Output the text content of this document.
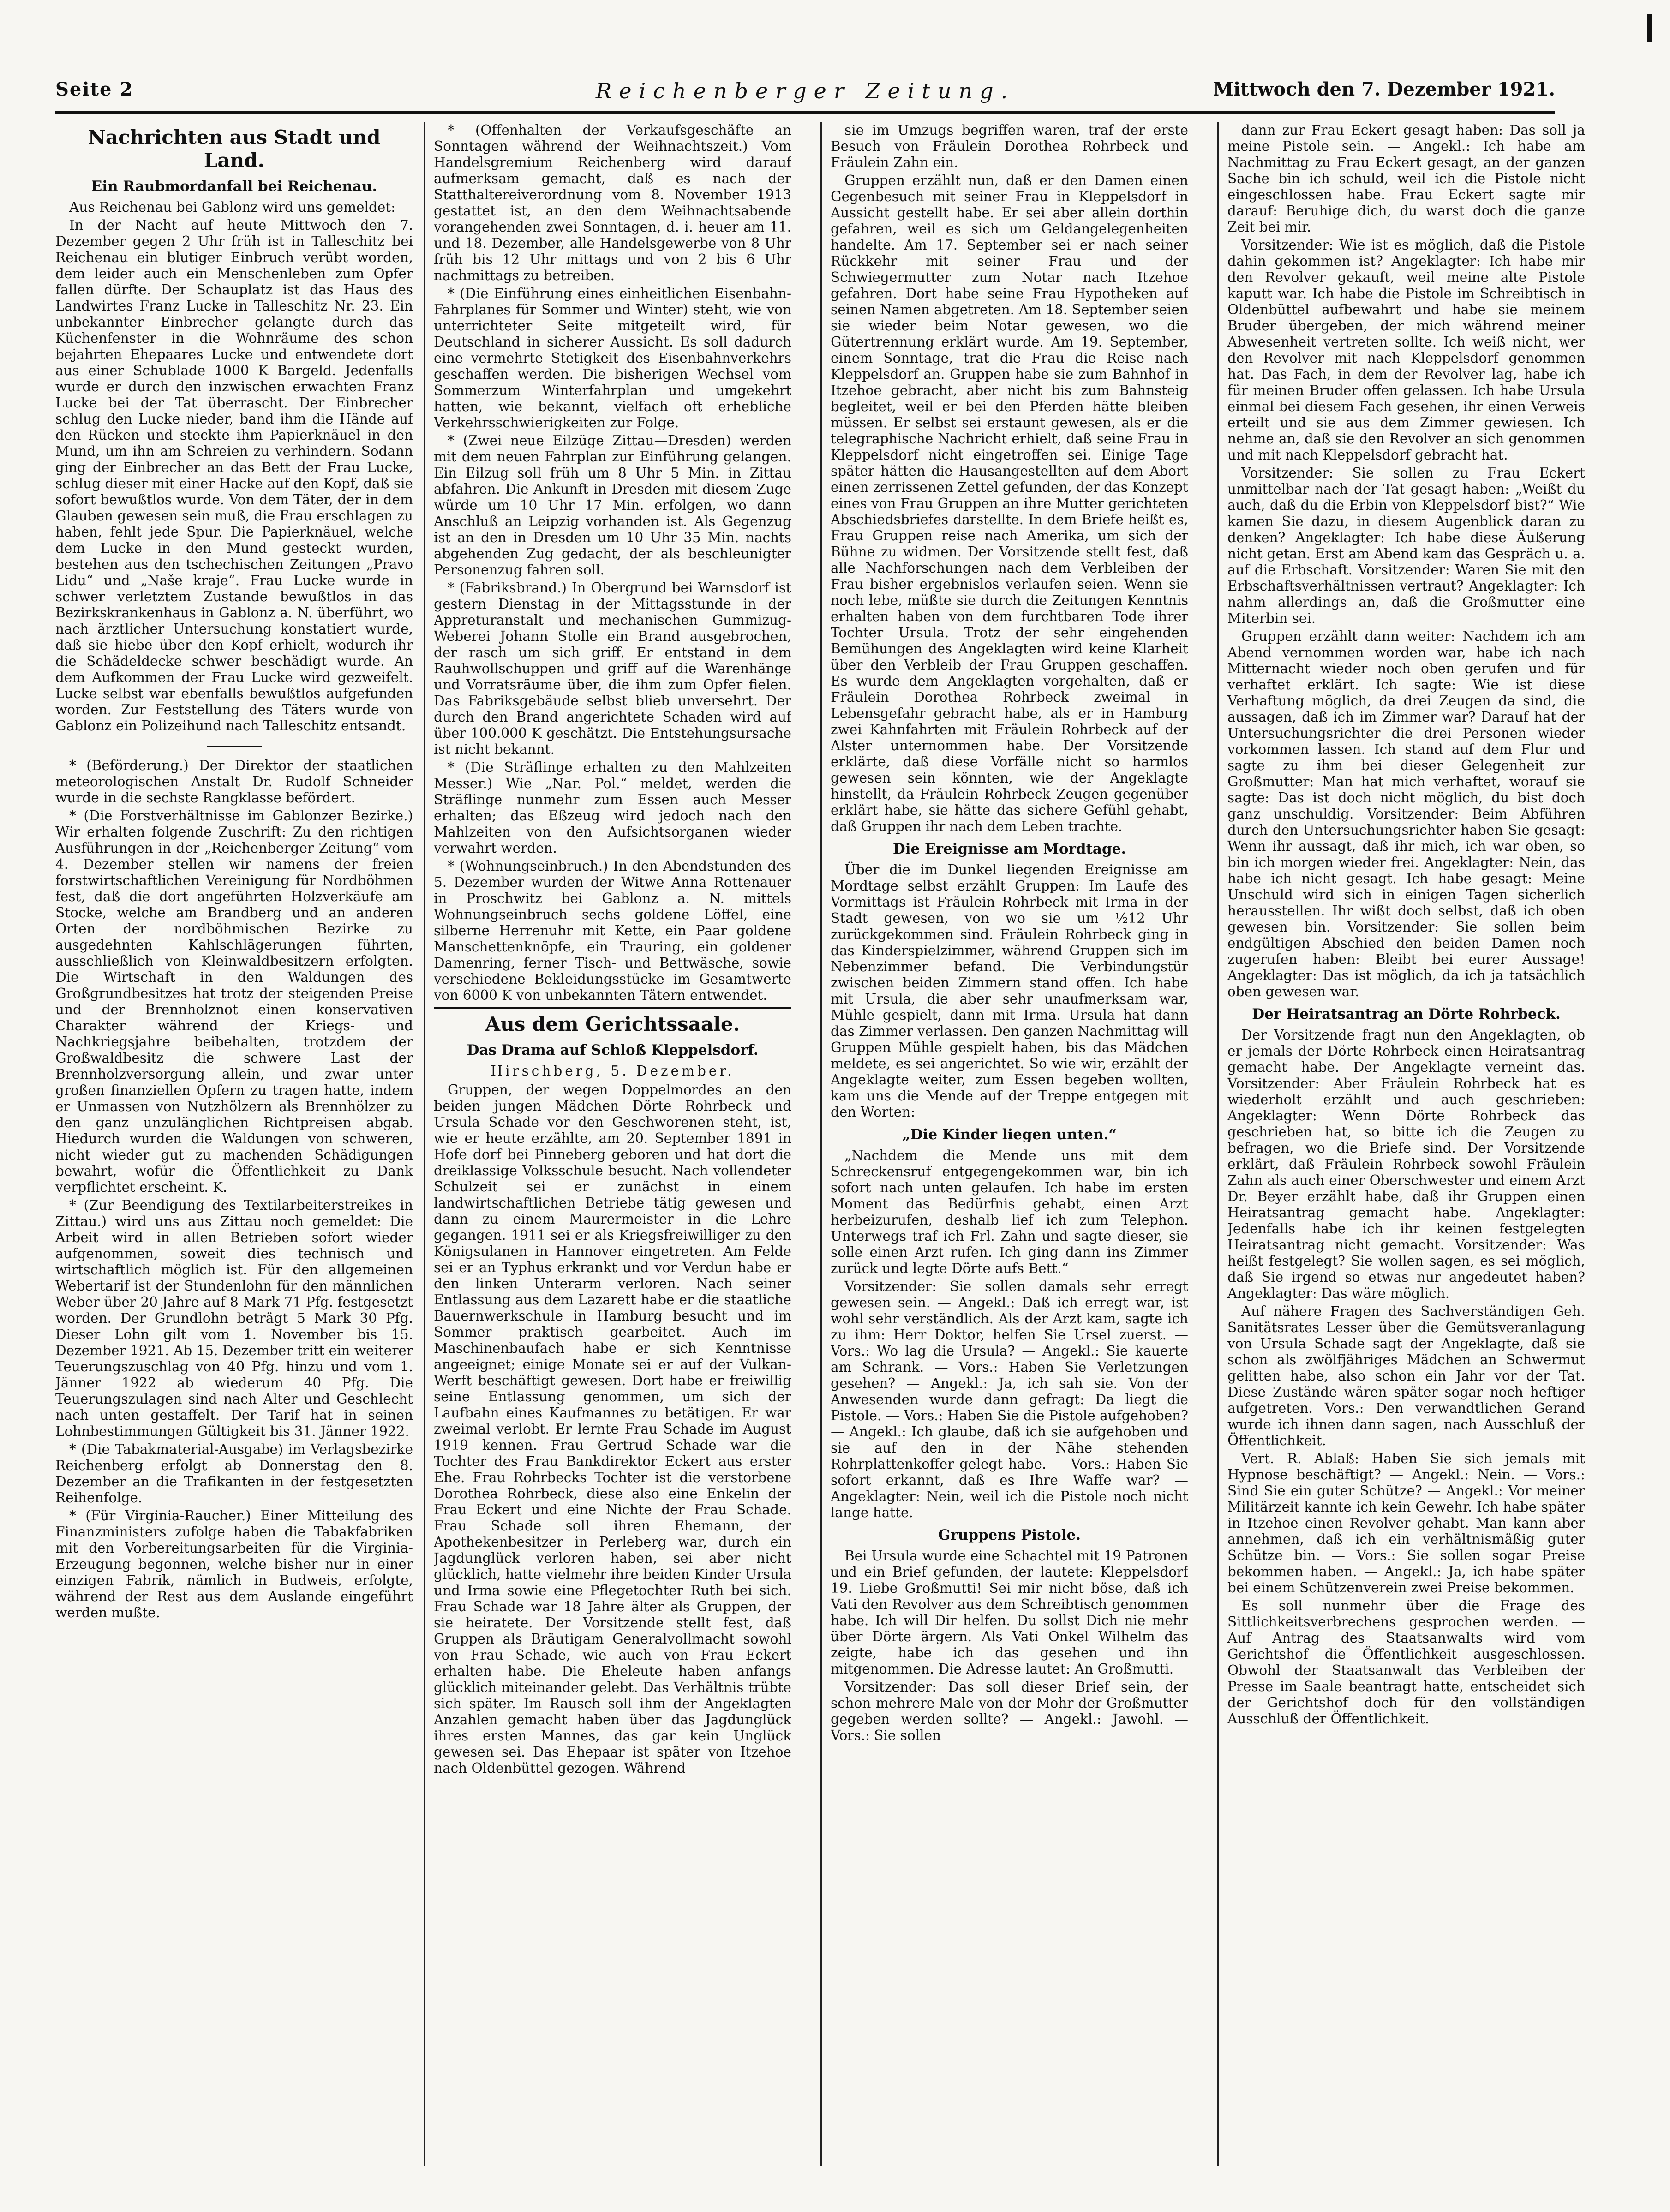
Seite 2	Reichenberger Zeitung.	Mittwoch den 7. Dezember 1921.
Nachrichten aus Stadt und Land.
Ein Raubmordanfall bei Reichenau.

Aus Reichenau bei Gablonz wird uns gemeldet:

In der Nacht auf heute Mittwoch den 7. Dezember gegen 2 Uhr früh ist in Talleschitz bei Reichenau ein blutiger Einbruch verübt worden, dem leider auch ein Menschenleben zum Opfer fallen dürfte. Der Schauplatz ist das Haus des Landwirtes Franz Lucke in Talleschitz Nr. 23. Ein unbekannter Einbrecher gelangte durch das Küchenfenster in die Wohnräume des schon bejahrten Ehepaares Lucke und entwendete dort aus einer Schublade 1000 K Bargeld. Jedenfalls wurde er durch den inzwischen erwachten Franz Lucke bei der Tat überrascht. Der Einbrecher schlug den Lucke nieder, band ihm die Hände auf den Rücken und steckte ihm Papierknäuel in den Mund, um ihn am Schreien zu verhindern. Sodann ging der Einbrecher an das Bett der Frau Lucke, schlug dieser mit einer Hacke auf den Kopf, daß sie sofort bewußtlos wurde. Von dem Täter, der in dem Glauben gewesen sein muß, die Frau erschlagen zu haben, fehlt jede Spur. Die Papierknäuel, welche dem Lucke in den Mund gesteckt wurden, bestehen aus den tschechischen Zeitungen „Pravo Lidu“ und „Naše kraje“. Frau Lucke wurde in schwer verletztem Zustande bewußtlos in das Bezirkskrankenhaus in Gablonz a. N. überführt, wo nach ärztlicher Untersuchung konstatiert wurde, daß sie hiebe über den Kopf erhielt, wodurch ihr die Schädeldecke schwer beschädigt wurde. An dem Aufkommen der Frau Lucke wird gezweifelt. Lucke selbst war ebenfalls bewußtlos aufgefunden worden. Zur Feststellung des Täters wurde von Gablonz ein Polizeihund nach Talleschitz entsandt.

* (Beförderung.) Der Direktor der staatlichen meteorologischen Anstalt Dr. Rudolf Schneider wurde in die sechste Rangklasse befördert.

* (Die Forstverhältnisse im Gablonzer Bezirke.) Wir erhalten folgende Zuschrift: Zu den richtigen Ausführungen in der „Reichenberger Zeitung“ vom 4. Dezember stellen wir namens der freien forstwirtschaftlichen Vereinigung für Nordböhmen fest, daß die dort angeführten Holzverkäufe am Stocke, welche am Brandberg und an anderen Orten der nordböhmischen Bezirke zu ausgedehnten Kahlschlägerungen führten, ausschließlich von Kleinwaldbesitzern erfolgten. Die Wirtschaft in den Waldungen des Großgrundbesitzes hat trotz der steigenden Preise und der Brennholznot einen konservativen Charakter während der Kriegs- und Nachkriegsjahre beibehalten, trotzdem der Großwaldbesitz die schwere Last der Brennholzversorgung allein, und zwar unter großen finanziellen Opfern zu tragen hatte, indem er Unmassen von Nutzhölzern als Brennhölzer zu den ganz unzulänglichen Richtpreisen abgab. Hiedurch wurden die Waldungen von schweren, nicht wieder gut zu machenden Schädigungen bewahrt, wofür die Öffentlichkeit zu Dank verpflichtet erscheint. K.

* (Zur Beendigung des Textilarbeiterstreikes in Zittau.) wird uns aus Zittau noch gemeldet: Die Arbeit wird in allen Betrieben sofort wieder aufgenommen, soweit dies technisch und wirtschaftlich möglich ist. Für den allgemeinen Webertarif ist der Stundenlohn für den männlichen Weber über 20 Jahre auf 8 Mark 71 Pfg. festgesetzt worden. Der Grundlohn beträgt 5 Mark 30 Pfg. Dieser Lohn gilt vom 1. November bis 15. Dezember 1921. Ab 15. Dezember tritt ein weiterer Teuerungszuschlag von 40 Pfg. hinzu und vom 1. Jänner 1922 ab wiederum 40 Pfg. Die Teuerungszulagen sind nach Alter und Geschlecht nach unten gestaffelt. Der Tarif hat in seinen Lohnbestimmungen Gültigkeit bis 31. Jänner 1922.

* (Die Tabakmaterial-Ausgabe) im Verlagsbezirke Reichenberg erfolgt ab Donnerstag den 8. Dezember an die Trafikanten in der festgesetzten Reihenfolge.

* (Für Virginia-Raucher.) Einer Mitteilung des Finanzministers zufolge haben die Tabakfabriken mit den Vorbereitungsarbeiten für die Virginia-Erzeugung begonnen, welche bisher nur in einer einzigen Fabrik, nämlich in Budweis, erfolgte, während der Rest aus dem Auslande eingeführt werden mußte.

* (Offenhalten der Verkaufsgeschäfte an Sonntagen während der Weihnachtszeit.) Vom Handelsgremium Reichenberg wird darauf aufmerksam gemacht, daß es nach der Statthaltereiverordnung vom 8. November 1913 gestattet ist, an den dem Weihnachtsabende vorangehenden zwei Sonntagen, d. i. heuer am 11. und 18. Dezember, alle Handelsgewerbe von 8 Uhr früh bis 12 Uhr mittags und von 2 bis 6 Uhr nachmittags zu betreiben.

* (Die Einführung eines einheitlichen Eisenbahn-Fahrplanes für Sommer und Winter) steht, wie von unterrichteter Seite mitgeteilt wird, für Deutschland in sicherer Aussicht. Es soll dadurch eine vermehrte Stetigkeit des Eisenbahnverkehrs geschaffen werden. Die bisherigen Wechsel vom Sommerzum Winterfahrplan und umgekehrt hatten, wie bekannt, vielfach oft erhebliche Verkehrsschwierigkeiten zur Folge.

* (Zwei neue Eilzüge Zittau—Dresden) werden mit dem neuen Fahrplan zur Einführung gelangen. Ein Eilzug soll früh um 8 Uhr 5 Min. in Zittau abfahren. Die Ankunft in Dresden mit diesem Zuge würde um 10 Uhr 17 Min. erfolgen, wo dann Anschluß an Leipzig vorhanden ist. Als Gegenzug ist an den in Dresden um 10 Uhr 35 Min. nachts abgehenden Zug gedacht, der als beschleunigter Personenzug fahren soll.

* (Fabriksbrand.) In Obergrund bei Warnsdorf ist gestern Dienstag in der Mittagsstunde in der Appreturanstalt und mechanischen Gummizug-Weberei Johann Stolle ein Brand ausgebrochen, der rasch um sich griff. Er entstand in dem Rauhwollschuppen und griff auf die Warenhänge und Vorratsräume über, die ihm zum Opfer fielen. Das Fabriksgebäude selbst blieb unversehrt. Der durch den Brand angerichtete Schaden wird auf über 100.000 K geschätzt. Die Entstehungsursache ist nicht bekannt.

* (Die Sträflinge erhalten zu den Mahlzeiten Messer.) Wie „Nar. Pol.“ meldet, werden die Sträflinge nunmehr zum Essen auch Messer erhalten; das Eßzeug wird jedoch nach den Mahlzeiten von den Aufsichtsorganen wieder verwahrt werden.

* (Wohnungseinbruch.) In den Abendstunden des 5. Dezember wurden der Witwe Anna Rottenauer in Proschwitz bei Gablonz a. N. mittels Wohnungseinbruch sechs goldene Löffel, eine silberne Herrenuhr mit Kette, ein Paar goldene Manschettenknöpfe, ein Trauring, ein goldener Damenring, ferner Tisch- und Bettwäsche, sowie verschiedene Bekleidungsstücke im Gesamtwerte von 6000 K von unbekannten Tätern entwendet.

Aus dem Gerichtssaale.
Das Drama auf Schloß Kleppelsdorf.
Hirschberg, 5. Dezember.

Gruppen, der wegen Doppelmordes an den beiden jungen Mädchen Dörte Rohrbeck und Ursula Schade vor den Geschworenen steht, ist, wie er heute erzählte, am 20. September 1891 in Hofe dorf bei Pinneberg geboren und hat dort die dreiklassige Volksschule besucht. Nach vollendeter Schulzeit sei er zunächst in einem landwirtschaftlichen Betriebe tätig gewesen und dann zu einem Maurermeister in die Lehre gegangen. 1911 sei er als Kriegsfreiwilliger zu den Königsulanen in Hannover eingetreten. Am Felde sei er an Typhus erkrankt und vor Verdun habe er den linken Unterarm verloren. Nach seiner Entlassung aus dem Lazarett habe er die staatliche Bauernwerkschule in Hamburg besucht und im Sommer praktisch gearbeitet. Auch im Maschinenbaufach habe er sich Kenntnisse angeeignet; einige Monate sei er auf der Vulkan-Werft beschäftigt gewesen. Dort habe er freiwillig seine Entlassung genommen, um sich der Laufbahn eines Kaufmannes zu betätigen. Er war zweimal verlobt. Er lernte Frau Schade im August 1919 kennen. Frau Gertrud Schade war die Tochter des Frau Bankdirektor Eckert aus erster Ehe. Frau Rohrbecks Tochter ist die verstorbene Dorothea Rohrbeck, diese also eine Enkelin der Frau Eckert und eine Nichte der Frau Schade. Frau Schade soll ihren Ehemann, der Apothekenbesitzer in Perleberg war, durch ein Jagdunglück verloren haben, sei aber nicht glücklich, hatte vielmehr ihre beiden Kinder Ursula und Irma sowie eine Pflegetochter Ruth bei sich. Frau Schade war 18 Jahre älter als Gruppen, der sie heiratete. Der Vorsitzende stellt fest, daß Gruppen als Bräutigam Generalvollmacht sowohl von Frau Schade, wie auch von Frau Eckert erhalten habe. Die Eheleute haben anfangs glücklich miteinander gelebt. Das Verhältnis trübte sich später. Im Rausch soll ihm der Angeklagten Anzahlen gemacht haben über das Jagdunglück ihres ersten Mannes, das gar kein Unglück gewesen sei. Das Ehepaar ist später von Itzehoe nach Oldenbüttel gezogen. Während

sie im Umzugs begriffen waren, traf der erste Besuch von Fräulein Dorothea Rohrbeck und Fräulein Zahn ein.

Gruppen erzählt nun, daß er den Damen einen Gegenbesuch mit seiner Frau in Kleppelsdorf in Aussicht gestellt habe. Er sei aber allein dorthin gefahren, weil es sich um Geldangelegenheiten handelte. Am 17. September sei er nach seiner Rückkehr mit seiner Frau und der Schwiegermutter zum Notar nach Itzehoe gefahren. Dort habe seine Frau Hypotheken auf seinen Namen abgetreten. Am 18. September seien sie wieder beim Notar gewesen, wo die Gütertrennung erklärt wurde. Am 19. September, einem Sonntage, trat die Frau die Reise nach Kleppelsdorf an. Gruppen habe sie zum Bahnhof in Itzehoe gebracht, aber nicht bis zum Bahnsteig begleitet, weil er bei den Pferden hätte bleiben müssen. Er selbst sei erstaunt gewesen, als er die telegraphische Nachricht erhielt, daß seine Frau in Kleppelsdorf nicht eingetroffen sei. Einige Tage später hätten die Hausangestellten auf dem Abort einen zerrissenen Zettel gefunden, der das Konzept eines von Frau Gruppen an ihre Mutter gerichteten Abschiedsbriefes darstellte. In dem Briefe heißt es, Frau Gruppen reise nach Amerika, um sich der Bühne zu widmen. Der Vorsitzende stellt fest, daß alle Nachforschungen nach dem Verbleiben der Frau bisher ergebnislos verlaufen seien. Wenn sie noch lebe, müßte sie durch die Zeitungen Kenntnis erhalten haben von dem furchtbaren Tode ihrer Tochter Ursula. Trotz der sehr eingehenden Bemühungen des Angeklagten wird keine Klarheit über den Verbleib der Frau Gruppen geschaffen. Es wurde dem Angeklagten vorgehalten, daß er Fräulein Dorothea Rohrbeck zweimal in Lebensgefahr gebracht habe, als er in Hamburg zwei Kahnfahrten mit Fräulein Rohrbeck auf der Alster unternommen habe. Der Vorsitzende erklärte, daß diese Vorfälle nicht so harmlos gewesen sein könnten, wie der Angeklagte hinstellt, da Fräulein Rohrbeck Zeugen gegenüber erklärt habe, sie hätte das sichere Gefühl gehabt, daß Gruppen ihr nach dem Leben trachte.

Die Ereignisse am Mordtage.

Über die im Dunkel liegenden Ereignisse am Mordtage selbst erzählt Gruppen: Im Laufe des Vormittags ist Fräulein Rohrbeck mit Irma in der Stadt gewesen, von wo sie um ½12 Uhr zurückgekommen sind. Fräulein Rohrbeck ging in das Kinderspielzimmer, während Gruppen sich im Nebenzimmer befand. Die Verbindungstür zwischen beiden Zimmern stand offen. Ich habe mit Ursula, die aber sehr unaufmerksam war, Mühle gespielt, dann mit Irma. Ursula hat dann das Zimmer verlassen. Den ganzen Nachmittag will Gruppen Mühle gespielt haben, bis das Mädchen meldete, es sei angerichtet. So wie wir, erzählt der Angeklagte weiter, zum Essen begeben wollten, kam uns die Mende auf der Treppe entgegen mit den Worten:

„Die Kinder liegen unten.“

„Nachdem die Mende uns mit dem Schreckensruf entgegengekommen war, bin ich sofort nach unten gelaufen. Ich habe im ersten Moment das Bedürfnis gehabt, einen Arzt herbeizurufen, deshalb lief ich zum Telephon. Unterwegs traf ich Frl. Zahn und sagte dieser, sie solle einen Arzt rufen. Ich ging dann ins Zimmer zurück und legte Dörte aufs Bett.“

Vorsitzender: Sie sollen damals sehr erregt gewesen sein. — Angekl.: Daß ich erregt war, ist wohl sehr verständlich. Als der Arzt kam, sagte ich zu ihm: Herr Doktor, helfen Sie Ursel zuerst. — Vors.: Wo lag die Ursula? — Angekl.: Sie kauerte am Schrank. — Vors.: Haben Sie Verletzungen gesehen? — Angekl.: Ja, ich sah sie. Von der Anwesenden wurde dann gefragt: Da liegt die Pistole. — Vors.: Haben Sie die Pistole aufgehoben? — Angekl.: Ich glaube, daß ich sie aufgehoben und sie auf den in der Nähe stehenden Rohrplattenkoffer gelegt habe. — Vors.: Haben Sie sofort erkannt, daß es Ihre Waffe war? — Angeklagter: Nein, weil ich die Pistole noch nicht lange hatte.

Gruppens Pistole.

Bei Ursula wurde eine Schachtel mit 19 Patronen und ein Brief gefunden, der lautete: Kleppelsdorf 19. Liebe Großmutti! Sei mir nicht böse, daß ich Vati den Revolver aus dem Schreibtisch genommen habe. Ich will Dir helfen. Du sollst Dich nie mehr über Dörte ärgern. Als Vati Onkel Wilhelm das zeigte, habe ich das gesehen und ihn mitgenommen. Die Adresse lautet: An Großmutti.

Vorsitzender: Das soll dieser Brief sein, der schon mehrere Male von der Mohr der Großmutter gegeben werden sollte? — Angekl.: Jawohl. — Vors.: Sie sollen

dann zur Frau Eckert gesagt haben: Das soll ja meine Pistole sein. — Angekl.: Ich habe am Nachmittag zu Frau Eckert gesagt, an der ganzen Sache bin ich schuld, weil ich die Pistole nicht eingeschlossen habe. Frau Eckert sagte mir darauf: Beruhige dich, du warst doch die ganze Zeit bei mir.

Vorsitzender: Wie ist es möglich, daß die Pistole dahin gekommen ist? Angeklagter: Ich habe mir den Revolver gekauft, weil meine alte Pistole kaputt war. Ich habe die Pistole im Schreibtisch in Oldenbüttel aufbewahrt und habe sie meinem Bruder übergeben, der mich während meiner Abwesenheit vertreten sollte. Ich weiß nicht, wer den Revolver mit nach Kleppelsdorf genommen hat. Das Fach, in dem der Revolver lag, habe ich für meinen Bruder offen gelassen. Ich habe Ursula einmal bei diesem Fach gesehen, ihr einen Verweis erteilt und sie aus dem Zimmer gewiesen. Ich nehme an, daß sie den Revolver an sich genommen und mit nach Kleppelsdorf gebracht hat.

Vorsitzender: Sie sollen zu Frau Eckert unmittelbar nach der Tat gesagt haben: „Weißt du auch, daß du die Erbin von Kleppelsdorf bist?“ Wie kamen Sie dazu, in diesem Augenblick daran zu denken? Angeklagter: Ich habe diese Äußerung nicht getan. Erst am Abend kam das Gespräch u. a. auf die Erbschaft. Vorsitzender: Waren Sie mit den Erbschaftsverhältnissen vertraut? Angeklagter: Ich nahm allerdings an, daß die Großmutter eine Miterbin sei.

Gruppen erzählt dann weiter: Nachdem ich am Abend vernommen worden war, habe ich nach Mitternacht wieder noch oben gerufen und für verhaftet erklärt. Ich sagte: Wie ist diese Verhaftung möglich, da drei Zeugen da sind, die aussagen, daß ich im Zimmer war? Darauf hat der Untersuchungsrichter die drei Personen wieder vorkommen lassen. Ich stand auf dem Flur und sagte zu ihm bei dieser Gelegenheit zur Großmutter: Man hat mich verhaftet, worauf sie sagte: Das ist doch nicht möglich, du bist doch ganz unschuldig. Vorsitzender: Beim Abführen durch den Untersuchungsrichter haben Sie gesagt: Wenn ihr aussagt, daß ihr mich, ich war oben, so bin ich morgen wieder frei. Angeklagter: Nein, das habe ich nicht gesagt. Ich habe gesagt: Meine Unschuld wird sich in einigen Tagen sicherlich herausstellen. Ihr wißt doch selbst, daß ich oben gewesen bin. Vorsitzender: Sie sollen beim endgültigen Abschied den beiden Damen noch zugerufen haben: Bleibt bei eurer Aussage! Angeklagter: Das ist möglich, da ich ja tatsächlich oben gewesen war.

Der Heiratsantrag an Dörte Rohrbeck.

Der Vorsitzende fragt nun den Angeklagten, ob er jemals der Dörte Rohrbeck einen Heiratsantrag gemacht habe. Der Angeklagte verneint das. Vorsitzender: Aber Fräulein Rohrbeck hat es wiederholt erzählt und auch geschrieben: Angeklagter: Wenn Dörte Rohrbeck das geschrieben hat, so bitte ich die Zeugen zu befragen, wo die Briefe sind. Der Vorsitzende erklärt, daß Fräulein Rohrbeck sowohl Fräulein Zahn als auch einer Oberschwester und einem Arzt Dr. Beyer erzählt habe, daß ihr Gruppen einen Heiratsantrag gemacht habe. Angeklagter: Jedenfalls habe ich ihr keinen festgelegten Heiratsantrag nicht gemacht. Vorsitzender: Was heißt festgelegt? Sie wollen sagen, es sei möglich, daß Sie irgend so etwas nur angedeutet haben? Angeklagter: Das wäre möglich.

Auf nähere Fragen des Sachverständigen Geh. Sanitätsrates Lesser über die Gemütsveranlagung von Ursula Schade sagt der Angeklagte, daß sie schon als zwölfjähriges Mädchen an Schwermut gelitten habe, also schon ein Jahr vor der Tat. Diese Zustände wären später sogar noch heftiger aufgetreten. Vors.: Den verwandtlichen Gerand wurde ich ihnen dann sagen, nach Ausschluß der Öffentlichkeit.

Vert. R. Ablaß: Haben Sie sich jemals mit Hypnose beschäftigt? — Angekl.: Nein. — Vors.: Sind Sie ein guter Schütze? — Angekl.: Vor meiner Militärzeit kannte ich kein Gewehr. Ich habe später in Itzehoe einen Revolver gehabt. Man kann aber annehmen, daß ich ein verhältnismäßig guter Schütze bin. — Vors.: Sie sollen sogar Preise bekommen haben. — Angekl.: Ja, ich habe später bei einem Schützenverein zwei Preise bekommen.

Es soll nunmehr über die Frage des Sittlichkeitsverbrechens gesprochen werden. — Auf Antrag des Staatsanwalts wird vom Gerichtshof die Öffentlichkeit ausgeschlossen. Obwohl der Staatsanwalt das Verbleiben der Presse im Saale beantragt hatte, entscheidet sich der Gerichtshof doch für den vollständigen Ausschluß der Öffentlichkeit.
